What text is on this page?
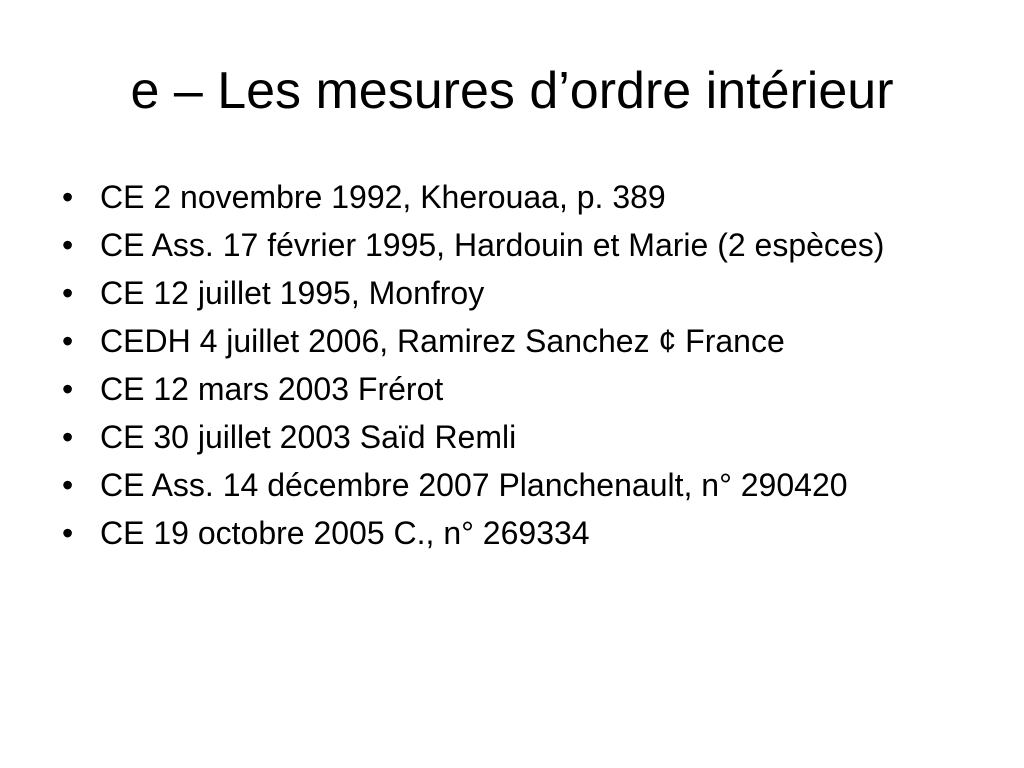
e – Les mesures d’ordre intérieur
• CE 2 novembre 1992, Kherouaa, p. 389
• CE Ass. 17 février 1995, Hardouin et Marie (2 espèces)
• CE 12 juillet 1995, Monfroy
• CEDH 4 juillet 2006, Ramirez Sanchez ¢ France
• CE 12 mars 2003 Frérot
• CE 30 juillet 2003 Saïd Remli
• CE Ass. 14 décembre 2007 Planchenault, n° 290420
• CE 19 octobre 2005 C., n° 269334
